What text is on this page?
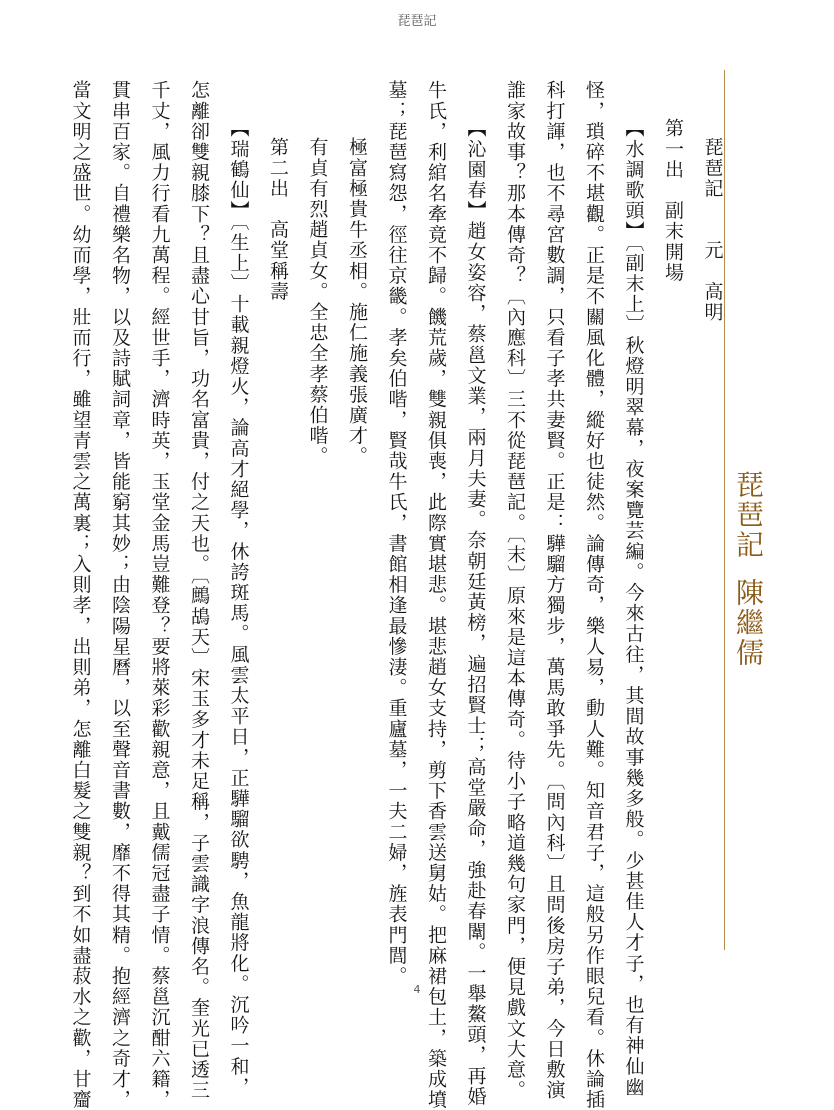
琵琶記
琵琶記陳繼儒
琵琶記　　元　高明
第一出　副末開場
【水調歌頭】〔副末上〕秋燈明翠幕，夜案覽芸編。今來古往，其間故事幾多般。少甚佳人才子，也有神仙幽
怪，瑣碎不堪觀。正是不關風化體，縱好也徒然。論傳奇，樂人易，動人難。知音君子，這般另作眼兒看。休論插
科打諢，也不尋宮數調，只看子孝共妻賢。正是：驊騮方獨步，萬馬敢爭先。〔問內科〕且問後房子弟，今日敷演
誰家故事？那本傳奇？〔內應科〕三不從琵琶記。〔末〕原來是這本傳奇。待小子略道幾句家門，便見戲文大意。
【沁園春】趙女姿容，蔡邕文業，兩月夫妻。奈朝廷黃榜，遍招賢士；高堂嚴命，強赴春闈。一舉鰲頭，再婚
牛氏，利綰名牽竟不歸。饑荒歲，雙親俱喪，此際實堪悲。堪悲趙女支持，剪下香雲送舅姑。把麻裙包土，築成墳
墓；琵琶寫怨，徑往京畿。孝矣伯喈，賢哉牛氏，書館相逢最慘淒。重廬墓，一夫二婦，旌表門閭。
極富極貴牛丞相。施仁施義張廣才。
有貞有烈趙貞女。全忠全孝蔡伯喈。
第二出　高堂稱壽
【瑞鶴仙】〔生上〕十載親燈火，論高才絕學，休誇斑馬。風雲太平日，正驊騮欲騁，魚龍將化。沉吟一和，
怎離卻雙親膝下？且盡心甘旨，功名富貴，付之天也。〔鷓鴣天〕宋玉多才未足稱，子雲識字浪傳名。奎光已透三
千丈，風力行看九萬程。經世手，濟時英，玉堂金馬豈難登？要將萊彩歡親意，且戴儒冠盡子情。蔡邕沉酣六籍，
貫串百家。自禮樂名物，以及詩賦詞章，皆能窮其妙；由陰陽星曆，以至聲音書數，靡不得其精。抱經濟之奇才，
當文明之盛世。幼而學，壯而行，雖望青雲之萬裏；入則孝，出則弟，怎離白髮之雙親？到不如盡菽水之歡，甘齏	4
